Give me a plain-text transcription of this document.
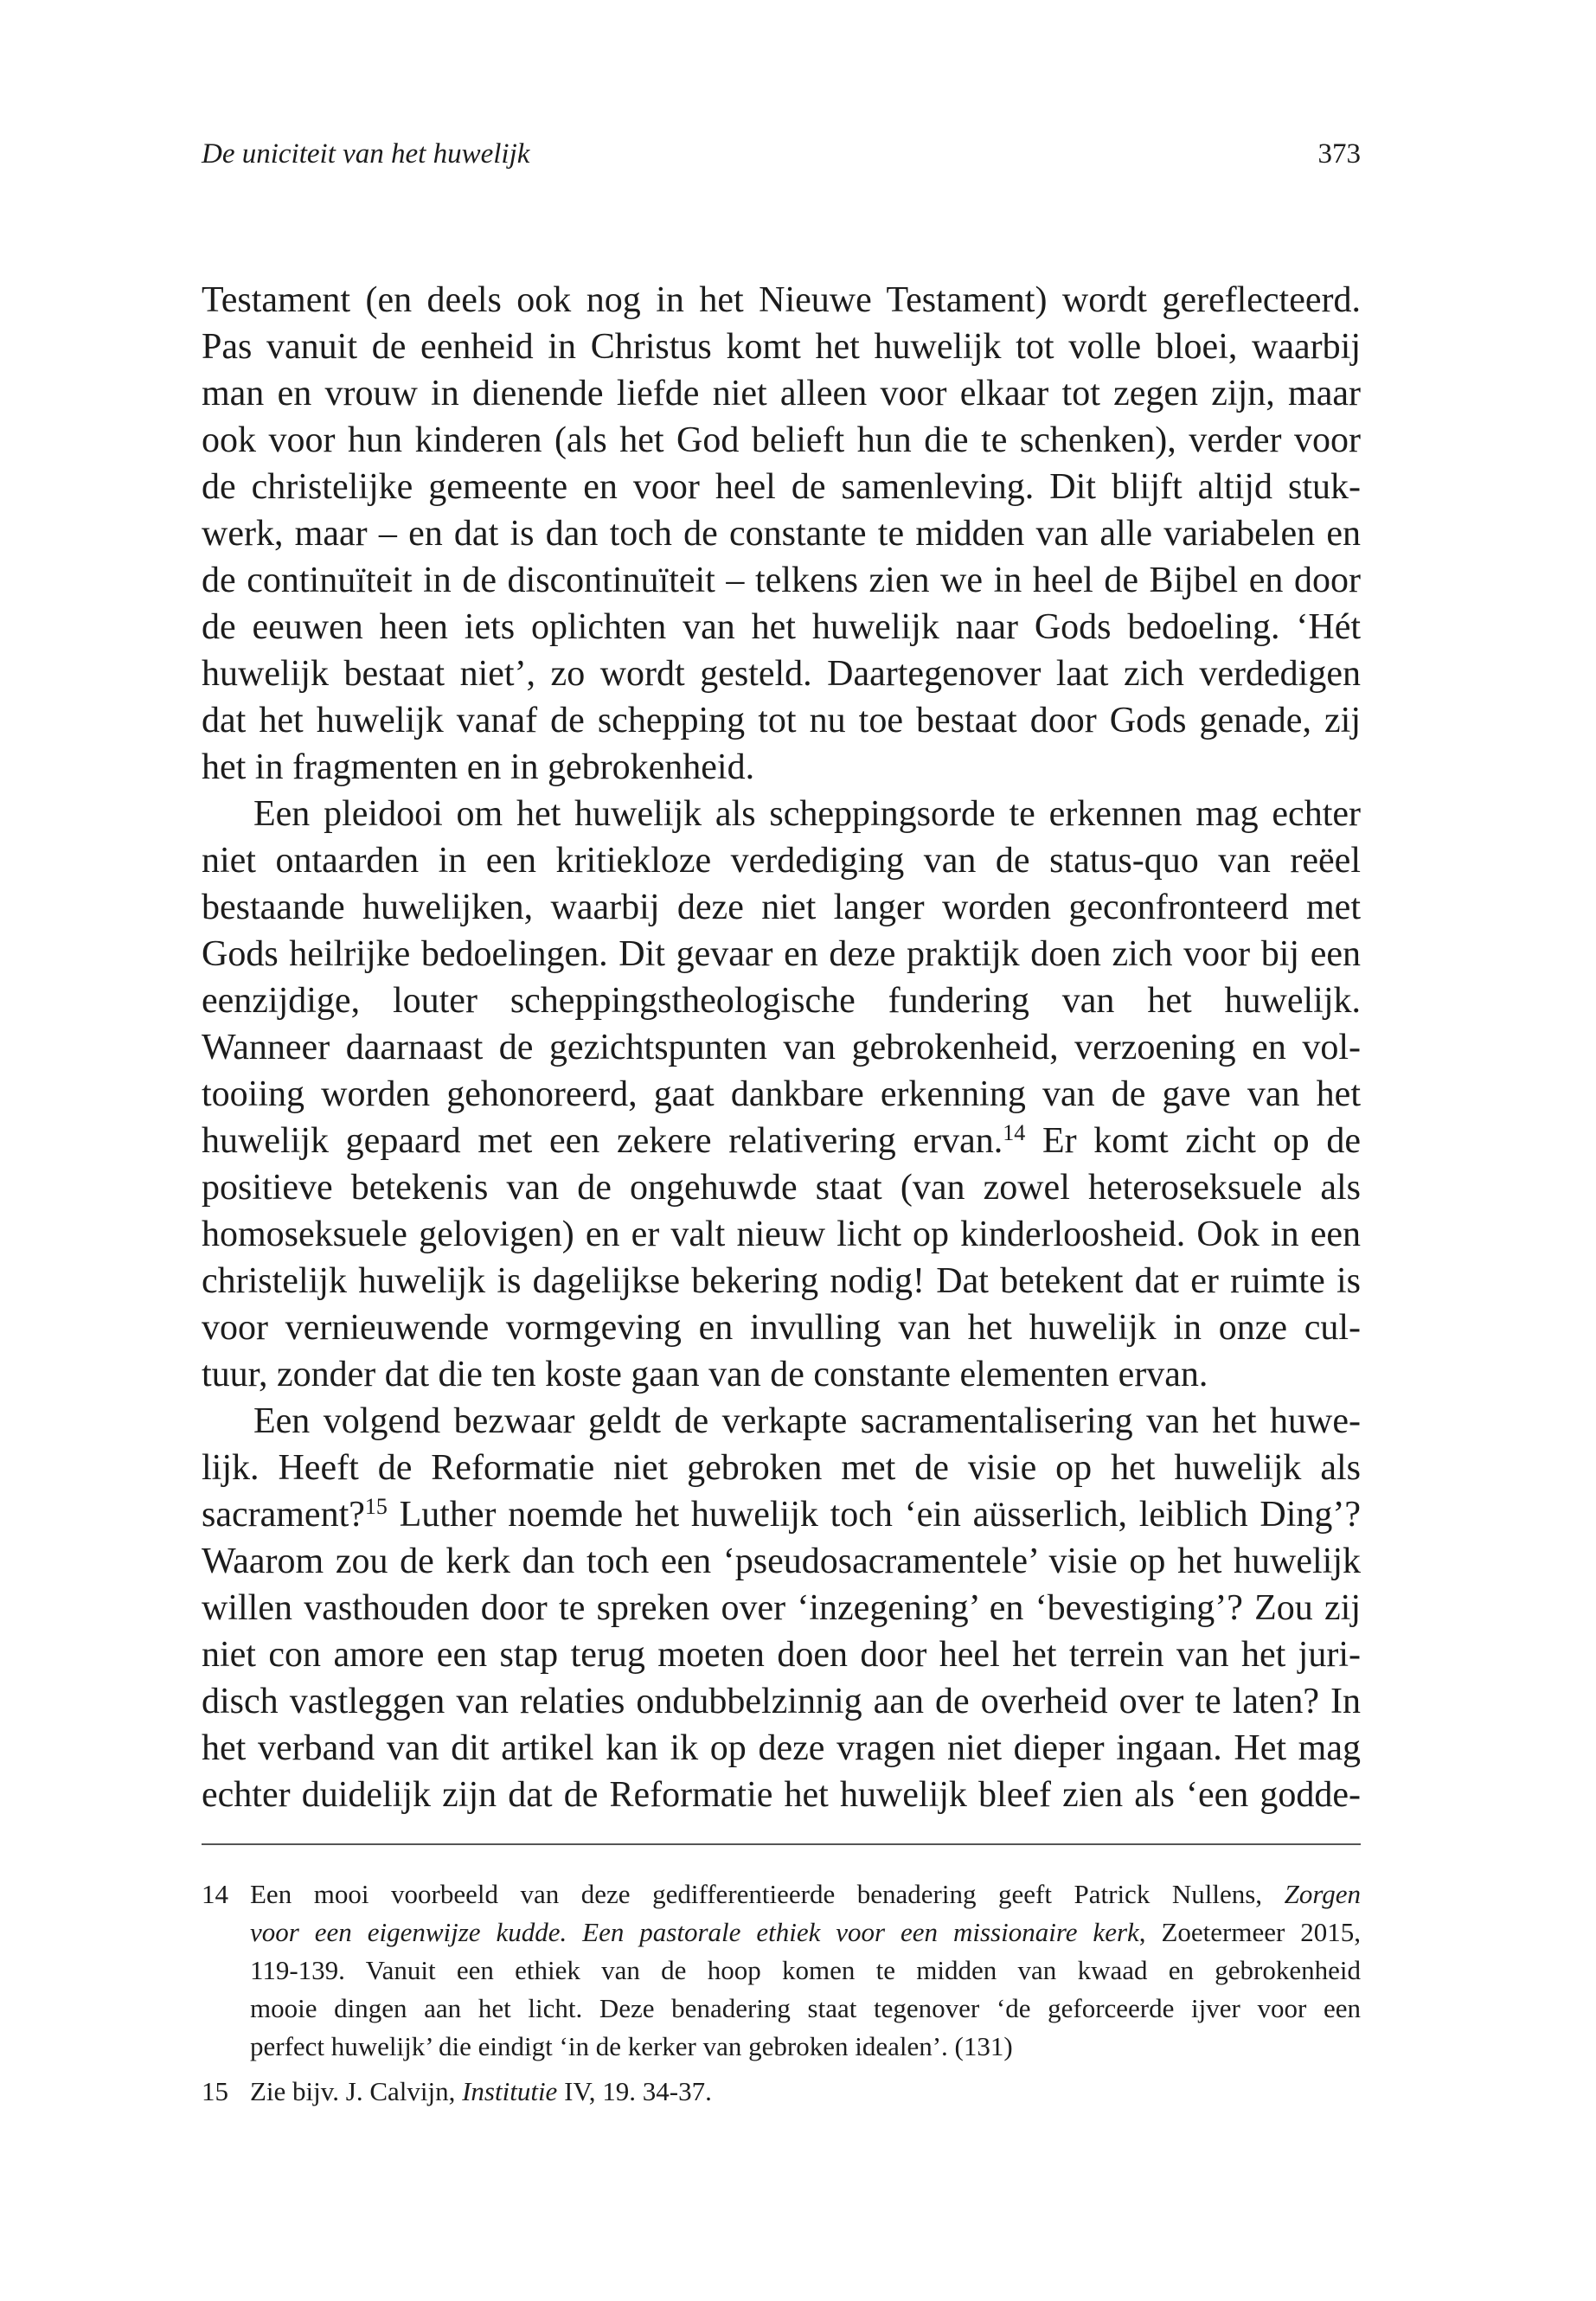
De uniciteit van het huwelijk	373
Testament (en deels ook nog in het Nieuwe Testament) wordt gereflecteerd.
Pas vanuit de eenheid in Christus komt het huwelijk tot volle bloei, waarbij
man en vrouw in dienende liefde niet alleen voor elkaar tot zegen zijn, maar
ook voor hun kinderen (als het God belieft hun die te schenken), verder voor
de christelijke gemeente en voor heel de samenleving. Dit blijft altijd stuk-
werk, maar – en dat is dan toch de constante te midden van alle variabelen en
de continuïteit in de discontinuïteit – telkens zien we in heel de Bijbel en door
de eeuwen heen iets oplichten van het huwelijk naar Gods bedoeling. ‘Hét
huwelijk bestaat niet’, zo wordt gesteld. Daartegenover laat zich verdedigen
dat het huwelijk vanaf de schepping tot nu toe bestaat door Gods genade, zij
het in fragmenten en in gebrokenheid.
Een pleidooi om het huwelijk als scheppingsorde te erkennen mag echter
niet ontaarden in een kritiekloze verdediging van de status-quo van reëel
bestaande huwelijken, waarbij deze niet langer worden geconfronteerd met
Gods heilrijke bedoelingen. Dit gevaar en deze praktijk doen zich voor bij een
eenzijdige, louter scheppingstheologische fundering van het huwelijk.
Wanneer daarnaast de gezichtspunten van gebrokenheid, verzoening en vol-
tooiing worden gehonoreerd, gaat dankbare erkenning van de gave van het
huwelijk gepaard met een zekere relativering ervan.$^{14}$ Er komt zicht op de
positieve betekenis van de ongehuwde staat (van zowel heteroseksuele als
homoseksuele gelovigen) en er valt nieuw licht op kinderloosheid. Ook in een
christelijk huwelijk is dagelijkse bekering nodig! Dat betekent dat er ruimte is
voor vernieuwende vormgeving en invulling van het huwelijk in onze cul-
tuur, zonder dat die ten koste gaan van de constante elementen ervan.
Een volgend bezwaar geldt de verkapte sacramentalisering van het huwe-
lijk. Heeft de Reformatie niet gebroken met de visie op het huwelijk als
sacrament?$^{15}$ Luther noemde het huwelijk toch ‘ein aüsserlich, leiblich Ding’?
Waarom zou de kerk dan toch een ‘pseudosacramentele’ visie op het huwelijk
willen vasthouden door te spreken over ‘inzegening’ en ‘bevestiging’? Zou zij
niet con amore een stap terug moeten doen door heel het terrein van het juri-
disch vastleggen van relaties ondubbelzinnig aan de overheid over te laten? In
het verband van dit artikel kan ik op deze vragen niet dieper ingaan. Het mag
echter duidelijk zijn dat de Reformatie het huwelijk bleef zien als ‘een godde-
14 Een mooi voorbeeld van deze gedifferentieerde benadering geeft Patrick Nullens, Zorgen
voor een eigenwijze kudde. Een pastorale ethiek voor een missionaire kerk, Zoetermeer 2015,
119-139. Vanuit een ethiek van de hoop komen te midden van kwaad en gebrokenheid
mooie dingen aan het licht. Deze benadering staat tegenover ‘de geforceerde ijver voor een
perfect huwelijk’ die eindigt ‘in de kerker van gebroken idealen’. (131)
15 Zie bijv. J. Calvijn, Institutie IV, 19. 34-37.
